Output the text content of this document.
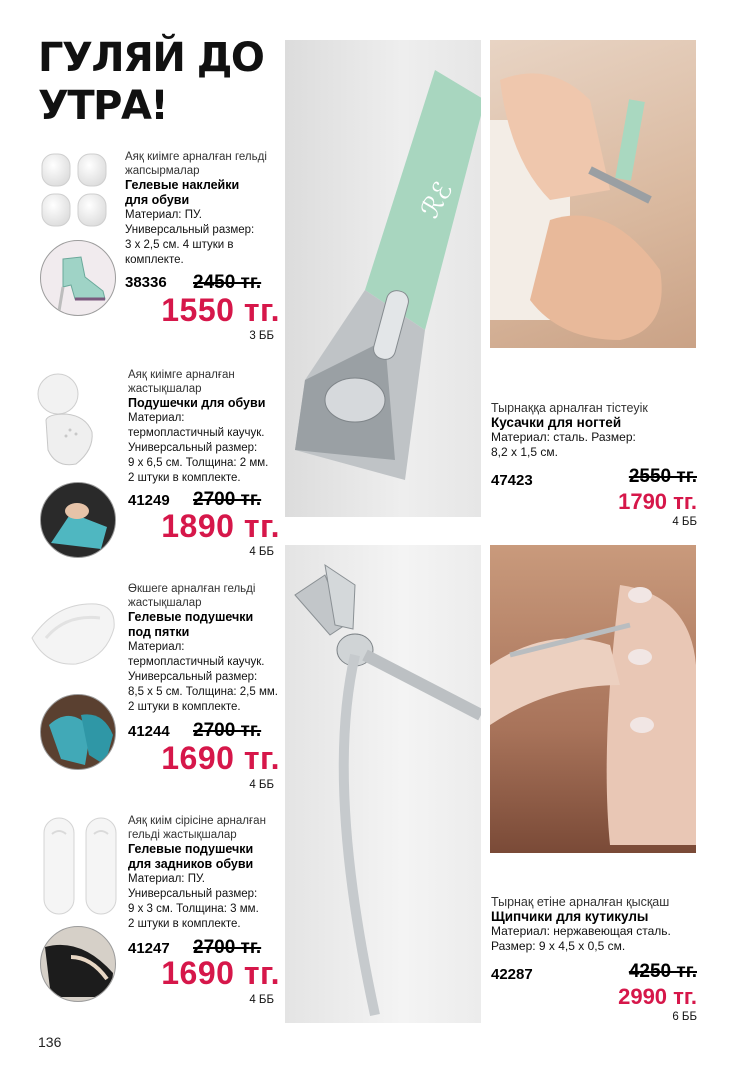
ГУЛЯЙ ДО
УТРА!
Аяқ киімге арналған гельді
жапсырмалар
Гелевые наклейки
для обуви
Материал: ПУ.
Универсальный размер:
3 х 2,5 см. 4 штуки в
комплекте.
38336 2450 тг.
1550 тг.
3 ББ
Аяқ киімге арналған
жастықшалар
Подушечки для обуви
Материал:
термопластичный каучук.
Универсальный размер:
9 х 6,5 см. Толщина: 2 мм.
2 штуки в комплекте.
41249 2700 тг.
1890 тг.
4 ББ
Өкшеге арналған гельді
жастықшалар
Гелевые подушечки
под пятки
Материал:
термопластичный каучук.
Универсальный размер:
8,5 х 5 см. Толщина: 2,5 мм.
2 штуки в комплекте.
41244 2700 тг.
1690 тг.
4 ББ
Аяқ киім сірісіне арналған
гельді жастықшалар
Гелевые подушечки
для задников обуви
Материал: ПУ.
Универсальный размер:
9 х 3 см. Толщина: 3 мм.
2 штуки в комплекте.
41247 2700 тг.
1690 тг.
4 ББ
ℛℰ
Тырнаққа арналған тістеуік
Кусачки для ногтей
Материал: сталь. Размер:
8,2 х 1,5 см.
47423	2550 тг.
1790 тг.
4 ББ
Тырнақ етіне арналған қысқаш
Щипчики для кутикулы
Материал: нержавеющая сталь.
Размер: 9 х 4,5 х 0,5 см.
42287	4250 тг.
2990 тг.
6 ББ
136
